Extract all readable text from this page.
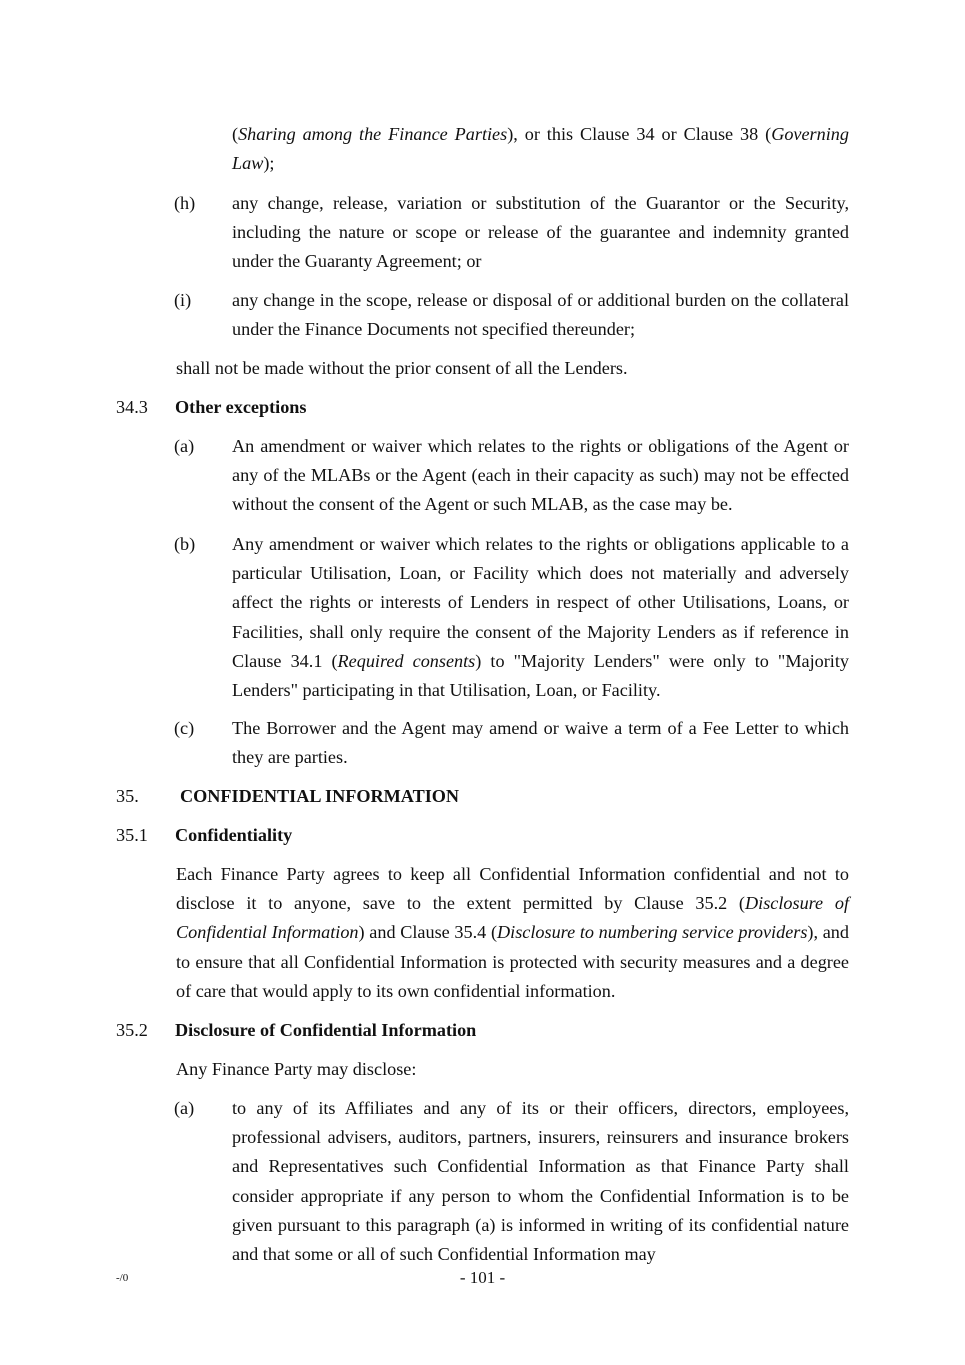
(Sharing among the Finance Parties), or this Clause 34 or Clause 38 (Governing Law);
(h) any change, release, variation or substitution of the Guarantor or the Security, including the nature or scope or release of the guarantee and indemnity granted under the Guaranty Agreement; or
(i) any change in the scope, release or disposal of or additional burden on the collateral under the Finance Documents not specified thereunder;
shall not be made without the prior consent of all the Lenders.
34.3 Other exceptions
(a) An amendment or waiver which relates to the rights or obligations of the Agent or any of the MLABs or the Agent (each in their capacity as such) may not be effected without the consent of the Agent or such MLAB, as the case may be.
(b) Any amendment or waiver which relates to the rights or obligations applicable to a particular Utilisation, Loan, or Facility which does not materially and adversely affect the rights or interests of Lenders in respect of other Utilisations, Loans, or Facilities, shall only require the consent of the Majority Lenders as if reference in Clause 34.1 (Required consents) to "Majority Lenders" were only to "Majority Lenders" participating in that Utilisation, Loan, or Facility.
(c) The Borrower and the Agent may amend or waive a term of a Fee Letter to which they are parties.
35. CONFIDENTIAL INFORMATION
35.1 Confidentiality
Each Finance Party agrees to keep all Confidential Information confidential and not to disclose it to anyone, save to the extent permitted by Clause 35.2 (Disclosure of Confidential Information) and Clause 35.4 (Disclosure to numbering service providers), and to ensure that all Confidential Information is protected with security measures and a degree of care that would apply to its own confidential information.
35.2 Disclosure of Confidential Information
Any Finance Party may disclose:
(a) to any of its Affiliates and any of its or their officers, directors, employees, professional advisers, auditors, partners, insurers, reinsurers and insurance brokers and Representatives such Confidential Information as that Finance Party shall consider appropriate if any person to whom the Confidential Information is to be given pursuant to this paragraph (a) is informed in writing of its confidential nature and that some or all of such Confidential Information may
-/0	- 101 -
